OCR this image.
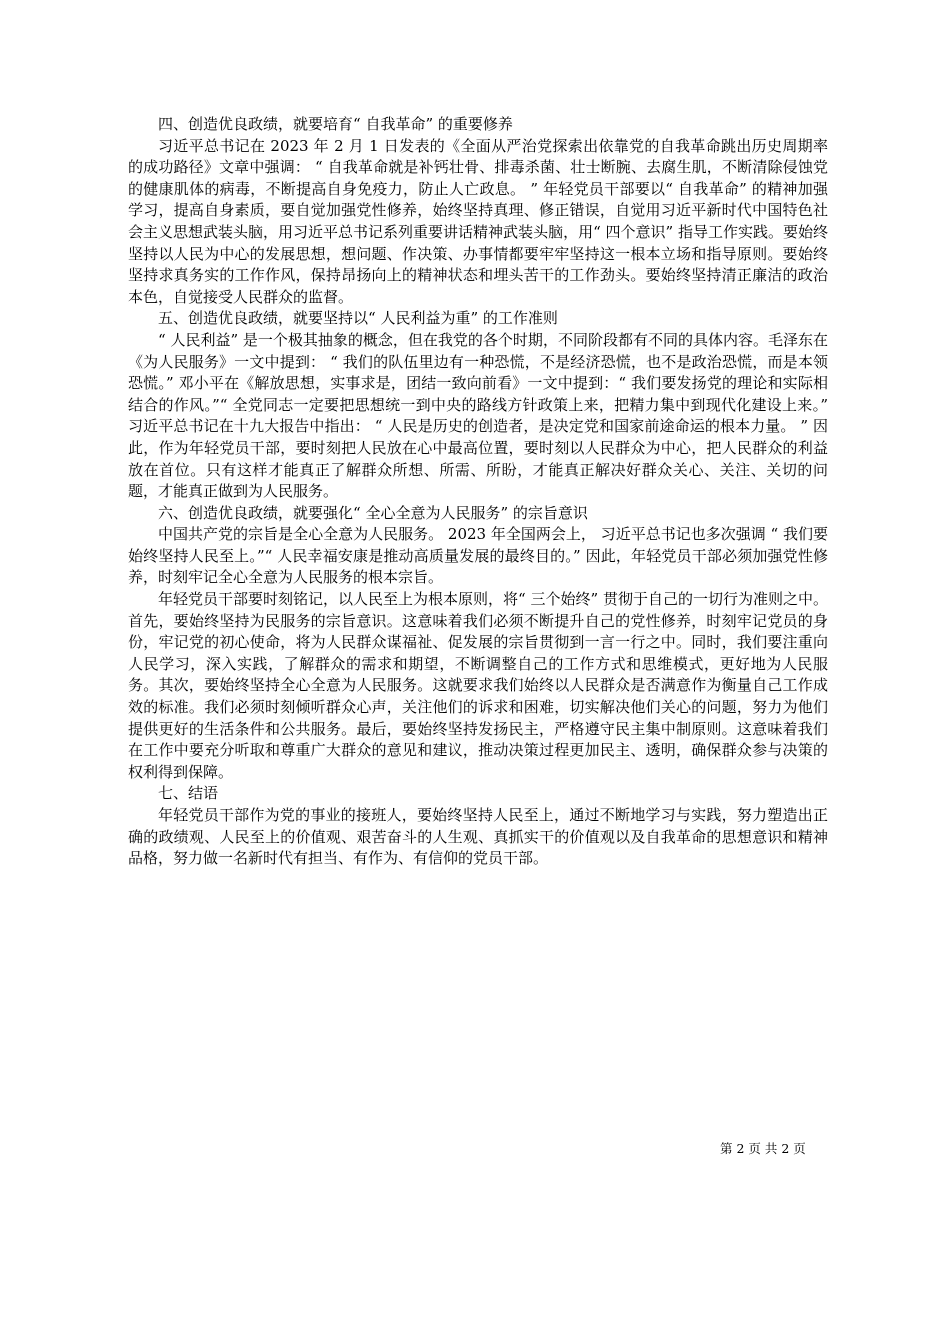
四、创造优良政绩，就要培育“ 自我革命” 的重要修养

习近平总书记在 2023 年 2 月 1 日发表的《全面从严治党探索出依靠党的自我革命跳出历史周期率的成功路径》文章中强调： “ 自我革命就是补钙壮骨、排毒杀菌、壮士断腕、去腐生肌，不断清除侵蚀党的健康肌体的病毒，不断提高自身免疫力，防止人亡政息。 ” 年轻党员干部要以“ 自我革命” 的精神加强学习，提高自身素质，要自觉加强党性修养，始终坚持真理、修正错误，自觉用习近平新时代中国特色社会主义思想武装头脑，用习近平总书记系列重要讲话精神武装头脑，用“ 四个意识” 指导工作实践。要始终坚持以人民为中心的发展思想，想问题、作决策、办事情都要牢牢坚持这一根本立场和指导原则。要始终坚持求真务实的工作作风，保持昂扬向上的精神状态和埋头苦干的工作劲头。要始终坚持清正廉洁的政治本色，自觉接受人民群众的监督。

五、创造优良政绩，就要坚持以“ 人民利益为重” 的工作准则

“ 人民利益” 是一个极其抽象的概念，但在我党的各个时期，不同阶段都有不同的具体内容。毛泽东在《为人民服务》一文中提到： “ 我们的队伍里边有一种恐慌，不是经济恐慌，也不是政治恐慌，而是本领恐慌。” 邓小平在《解放思想，实事求是，团结一致向前看》一文中提到：“ 我们要发扬党的理论和实际相结合的作风。”“ 全党同志一定要把思想统一到中央的路线方针政策上来，把精力集中到现代化建设上来。” 习近平总书记在十九大报告中指出： “ 人民是历史的创造者，是决定党和国家前途命运的根本力量。 ” 因此，作为年轻党员干部，要时刻把人民放在心中最高位置，要时刻以人民群众为中心，把人民群众的利益放在首位。只有这样才能真正了解群众所想、所需、所盼，才能真正解决好群众关心、关注、关切的问题，才能真正做到为人民服务。

六、创造优良政绩，就要强化“ 全心全意为人民服务” 的宗旨意识

中国共产党的宗旨是全心全意为人民服务。 2023 年全国两会上， 习近平总书记也多次强调 “ 我们要始终坚持人民至上。”“ 人民幸福安康是推动高质量发展的最终目的。” 因此，年轻党员干部必须加强党性修养，时刻牢记全心全意为人民服务的根本宗旨。

年轻党员干部要时刻铭记，以人民至上为根本原则，将“ 三个始终” 贯彻于自己的一切行为准则之中。首先，要始终坚持为民服务的宗旨意识。这意味着我们必须不断提升自己的党性修养，时刻牢记党员的身份，牢记党的初心使命，将为人民群众谋福祉、促发展的宗旨贯彻到一言一行之中。同时，我们要注重向人民学习，深入实践，了解群众的需求和期望，不断调整自己的工作方式和思维模式，更好地为人民服务。其次，要始终坚持全心全意为人民服务。这就要求我们始终以人民群众是否满意作为衡量自己工作成效的标准。我们必须时刻倾听群众心声，关注他们的诉求和困难，切实解决他们关心的问题，努力为他们提供更好的生活条件和公共服务。最后，要始终坚持发扬民主，严格遵守民主集中制原则。这意味着我们在工作中要充分听取和尊重广大群众的意见和建议，推动决策过程更加民主、透明，确保群众参与决策的权利得到保障。

七、结语

年轻党员干部作为党的事业的接班人，要始终坚持人民至上，通过不断地学习与实践，努力塑造出正确的政绩观、人民至上的价值观、艰苦奋斗的人生观、真抓实干的价值观以及自我革命的思想意识和精神品格，努力做一名新时代有担当、有作为、有信仰的党员干部。

第 2 页 共 2 页
